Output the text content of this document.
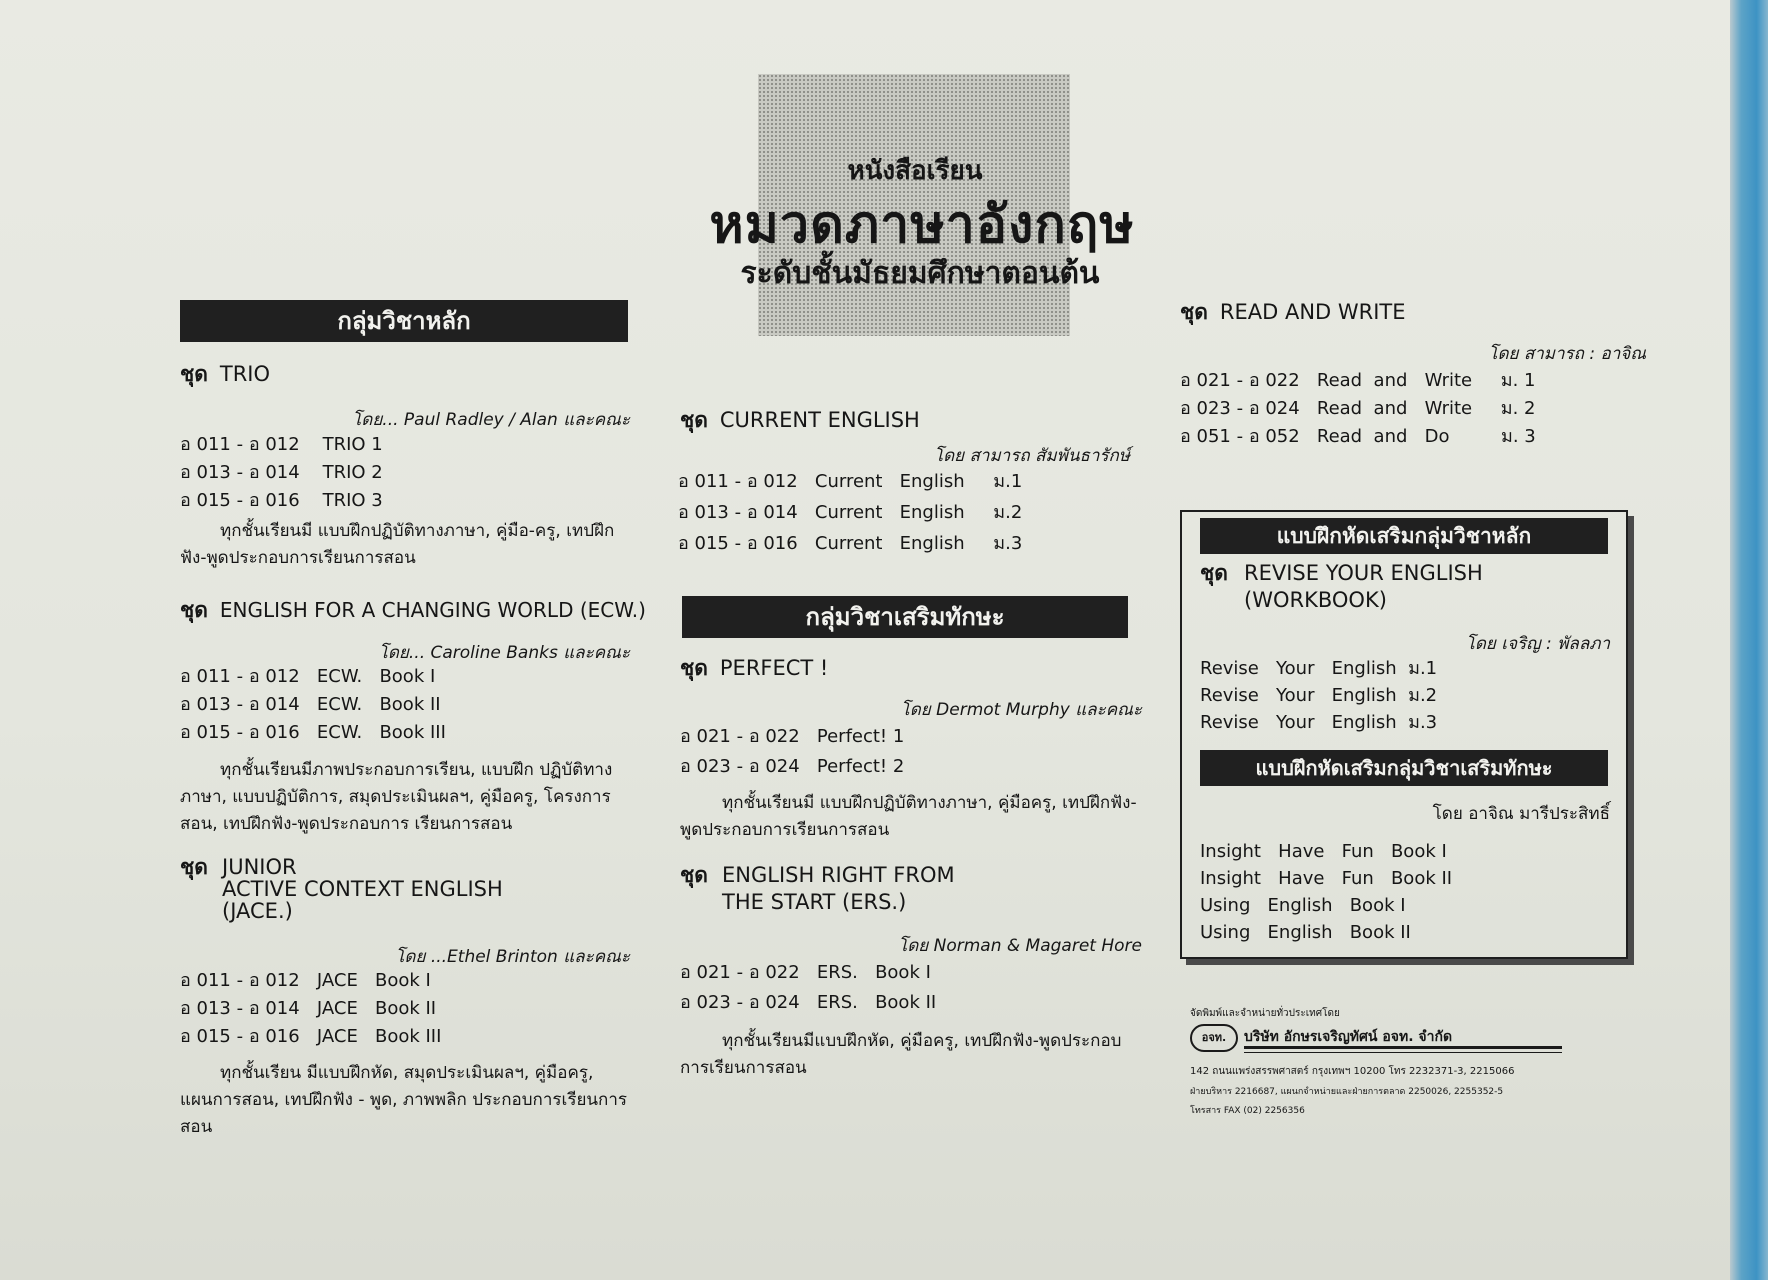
หนังสือเรียน
หมวดภาษาอังกฤษ
ระดับชั้นมัธยมศึกษาตอนต้น
กลุ่มวิชาหลัก
ชุด TRIO
โดย... Paul Radley / Alan และคณะ
อ 011 - อ 012    TRIO 1
อ 013 - อ 014    TRIO 2
อ 015 - อ 016    TRIO 3
ทุกชั้นเรียนมี แบบฝึกปฏิบัติทางภาษา, คู่มือ-ครู, เทปฝึกฟัง-พูดประกอบการเรียนการสอน
ชุด ENGLISH FOR A CHANGING WORLD (ECW.)
โดย... Caroline Banks และคณะ
อ 011 - อ 012   ECW.   Book I
อ 013 - อ 014   ECW.   Book II
อ 015 - อ 016   ECW.   Book III
ทุกชั้นเรียนมีภาพประกอบการเรียน, แบบฝึก ปฏิบัติทางภาษา, แบบปฏิบัติการ, สมุดประเมินผลฯ, คู่มือครู, โครงการสอน, เทปฝึกฟัง-พูดประกอบการ เรียนการสอน
ชุด JUNIOR
ACTIVE CONTEXT ENGLISH
(JACE.)
โดย ...Ethel Brinton และคณะ
อ 011 - อ 012   JACE   Book I
อ 013 - อ 014   JACE   Book II
อ 015 - อ 016   JACE   Book III
ทุกชั้นเรียน มีแบบฝึกหัด, สมุดประเมินผลฯ, คู่มือครู, แผนการสอน, เทปฝึกฟัง - พูด, ภาพพลิก ประกอบการเรียนการสอน
ชุด CURRENT ENGLISH
โดย สามารถ สัมพันธารักษ์
อ 011 - อ 012   Current   English     ม.1
อ 013 - อ 014   Current   English     ม.2
อ 015 - อ 016   Current   English     ม.3
กลุ่มวิชาเสริมทักษะ
ชุด PERFECT !
โดย Dermot Murphy และคณะ
อ 021 - อ 022   Perfect! 1
อ 023 - อ 024   Perfect! 2
ทุกชั้นเรียนมี แบบฝึกปฏิบัติทางภาษา, คู่มือครู, เทปฝึกฟัง-พูดประกอบการเรียนการสอน
ชุด ENGLISH RIGHT FROM
THE START (ERS.)
โดย Norman & Magaret Hore
อ 021 - อ 022   ERS.   Book I
อ 023 - อ 024   ERS.   Book II
ทุกชั้นเรียนมีแบบฝึกหัด, คู่มือครู, เทปฝึกฟัง-พูดประกอบการเรียนการสอน
ชุด READ AND WRITE
โดย สามารถ : อาจิณ
อ 021 - อ 022   Read  and   Write     ม. 1
อ 023 - อ 024   Read  and   Write     ม. 2
อ 051 - อ 052   Read  and   Do         ม. 3
แบบฝึกหัดเสริมกลุ่มวิชาหลัก
ชุด REVISE YOUR ENGLISH
(WORKBOOK)
โดย เจริญ : พัลลภา
Revise   Your   English  ม.1
Revise   Your   English  ม.2
Revise   Your   English  ม.3
แบบฝึกหัดเสริมกลุ่มวิชาเสริมทักษะ
โดย อาจิณ มารีประสิทธิ์
Insight   Have   Fun   Book I
Insight   Have   Fun   Book II
Using   English   Book I
Using   English   Book II
จัดพิมพ์และจำหน่ายทั่วประเทศโดย
อจท.	บริษัท อักษรเจริญทัศน์ อจท. จำกัด
142 ถนนแพร่งสรรพศาสตร์ กรุงเทพฯ 10200 โทร 2232371-3, 2215066
ฝ่ายบริหาร 2216687, แผนกจำหน่ายและฝ่ายการตลาด 2250026, 2255352-5
โทรสาร FAX (02) 2256356
